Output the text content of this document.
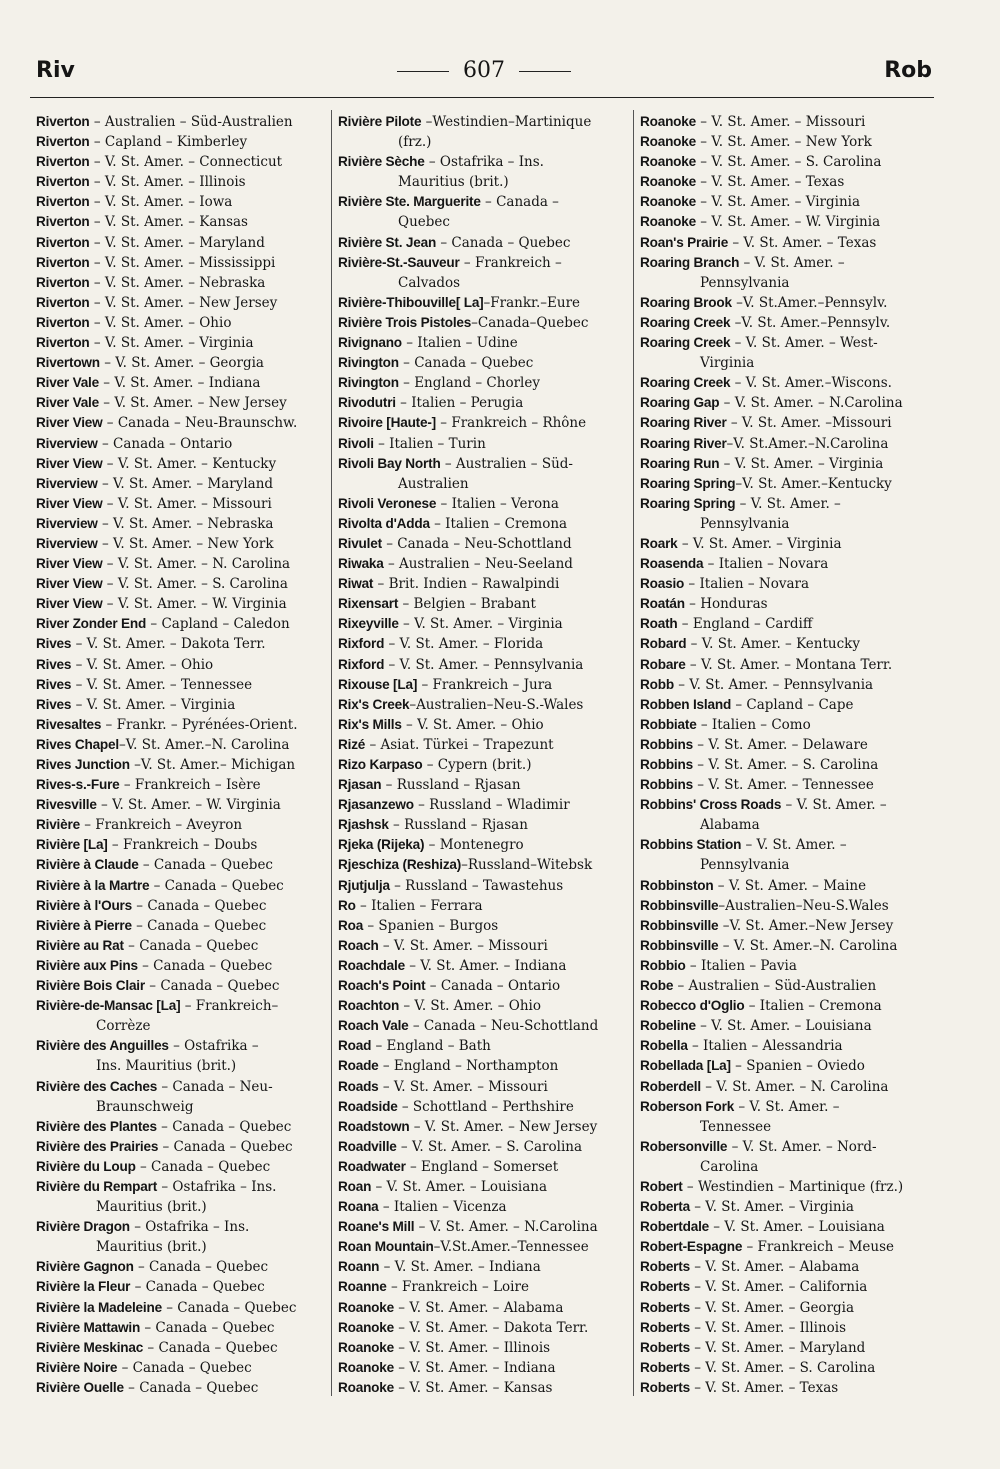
Riv	607	Rob
Riverton – Australien – Süd-Australien
Riverton – Capland – Kimberley
Riverton – V. St. Amer. – Connecticut
Riverton – V. St. Amer. – Illinois
Riverton – V. St. Amer. – Iowa
Riverton – V. St. Amer. – Kansas
Riverton – V. St. Amer. – Maryland
Riverton – V. St. Amer. – Mississippi
Riverton – V. St. Amer. – Nebraska
Riverton – V. St. Amer. – New Jersey
Riverton – V. St. Amer. – Ohio
Riverton – V. St. Amer. – Virginia
Rivertown – V. St. Amer. – Georgia
River Vale – V. St. Amer. – Indiana
River Vale – V. St. Amer. – New Jersey
River View – Canada – Neu-Braunschw.
Riverview – Canada – Ontario
River View – V. St. Amer. – Kentucky
Riverview – V. St. Amer. – Maryland
River View – V. St. Amer. – Missouri
Riverview – V. St. Amer. – Nebraska
Riverview – V. St. Amer. – New York
River View – V. St. Amer. – N. Carolina
River View – V. St. Amer. – S. Carolina
River View – V. St. Amer. – W. Virginia
River Zonder End – Capland – Caledon
Rives – V. St. Amer. – Dakota Terr.
Rives – V. St. Amer. – Ohio
Rives – V. St. Amer. – Tennessee
Rives – V. St. Amer. – Virginia
Rivesaltes – Frankr. – Pyrénées-Orient.
Rives Chapel–V. St. Amer.–N. Carolina
Rives Junction –V. St. Amer.– Michigan
Rives-s.-Fure – Frankreich – Isère
Rivesville – V. St. Amer. – W. Virginia
Rivière – Frankreich – Aveyron
Rivière [La] – Frankreich – Doubs
Rivière à Claude – Canada – Quebec
Rivière à la Martre – Canada – Quebec
Rivière à l'Ours – Canada – Quebec
Rivière à Pierre – Canada – Quebec
Rivière au Rat – Canada – Quebec
Rivière aux Pins – Canada – Quebec
Rivière Bois Clair – Canada – Quebec
Rivière-de-Mansac [La] – Frankreich–
Corrèze
Rivière des Anguilles – Ostafrika –
Ins. Mauritius (brit.)
Rivière des Caches – Canada – Neu-
Braunschweig
Rivière des Plantes – Canada – Quebec
Rivière des Prairies – Canada – Quebec
Rivière du Loup – Canada – Quebec
Rivière du Rempart – Ostafrika – Ins.
Mauritius (brit.)
Rivière Dragon – Ostafrika – Ins.
Mauritius (brit.)
Rivière Gagnon – Canada – Quebec
Rivière la Fleur – Canada – Quebec
Rivière la Madeleine – Canada – Quebec
Rivière Mattawin – Canada – Quebec
Rivière Meskinac – Canada – Quebec
Rivière Noire – Canada – Quebec
Rivière Ouelle – Canada – Quebec
Rivière Pilote –Westindien–Martinique
(frz.)
Rivière Sèche – Ostafrika – Ins.
Mauritius (brit.)
Rivière Ste. Marguerite – Canada –
Quebec
Rivière St. Jean – Canada – Quebec
Rivière-St.-Sauveur – Frankreich –
Calvados
Rivière-Thibouville[ La]–Frankr.–Eure
Rivière Trois Pistoles–Canada–Quebec
Rivignano – Italien – Udine
Rivington – Canada – Quebec
Rivington – England – Chorley
Rivodutri – Italien – Perugia
Rivoire [Haute-] – Frankreich – Rhône
Rivoli – Italien – Turin
Rivoli Bay North – Australien – Süd-
Australien
Rivoli Veronese – Italien – Verona
Rivolta d'Adda – Italien – Cremona
Rivulet – Canada – Neu-Schottland
Riwaka – Australien – Neu-Seeland
Riwat – Brit. Indien – Rawalpindi
Rixensart – Belgien – Brabant
Rixeyville – V. St. Amer. – Virginia
Rixford – V. St. Amer. – Florida
Rixford – V. St. Amer. – Pennsylvania
Rixouse [La] – Frankreich – Jura
Rix's Creek–Australien–Neu-S.-Wales
Rix's Mills – V. St. Amer. – Ohio
Rizé – Asiat. Türkei – Trapezunt
Rizo Karpaso – Cypern (brit.)
Rjasan – Russland – Rjasan
Rjasanzewo – Russland – Wladimir
Rjashsk – Russland – Rjasan
Rjeka (Rijeka) – Montenegro
Rjeschiza (Reshiza)–Russland–Witebsk
Rjutjulja – Russland – Tawastehus
Ro – Italien – Ferrara
Roa – Spanien – Burgos
Roach – V. St. Amer. – Missouri
Roachdale – V. St. Amer. – Indiana
Roach's Point – Canada – Ontario
Roachton – V. St. Amer. – Ohio
Roach Vale – Canada – Neu-Schottland
Road – England – Bath
Roade – England – Northampton
Roads – V. St. Amer. – Missouri
Roadside – Schottland – Perthshire
Roadstown – V. St. Amer. – New Jersey
Roadville – V. St. Amer. – S. Carolina
Roadwater – England – Somerset
Roan – V. St. Amer. – Louisiana
Roana – Italien – Vicenza
Roane's Mill – V. St. Amer. – N.Carolina
Roan Mountain–V.St.Amer.–Tennessee
Roann – V. St. Amer. – Indiana
Roanne – Frankreich – Loire
Roanoke – V. St. Amer. – Alabama
Roanoke – V. St. Amer. – Dakota Terr.
Roanoke – V. St. Amer. – Illinois
Roanoke – V. St. Amer. – Indiana
Roanoke – V. St. Amer. – Kansas
Roanoke – V. St. Amer. – Missouri
Roanoke – V. St. Amer. – New York
Roanoke – V. St. Amer. – S. Carolina
Roanoke – V. St. Amer. – Texas
Roanoke – V. St. Amer. – Virginia
Roanoke – V. St. Amer. – W. Virginia
Roan's Prairie – V. St. Amer. – Texas
Roaring Branch – V. St. Amer. –
Pennsylvania
Roaring Brook –V. St.Amer.–Pennsylv.
Roaring Creek –V. St. Amer.–Pennsylv.
Roaring Creek – V. St. Amer. – West-
Virginia
Roaring Creek – V. St. Amer.–Wiscons.
Roaring Gap – V. St. Amer. – N.Carolina
Roaring River – V. St. Amer. –Missouri
Roaring River–V. St.Amer.–N.Carolina
Roaring Run – V. St. Amer. – Virginia
Roaring Spring–V. St. Amer.–Kentucky
Roaring Spring – V. St. Amer. –
Pennsylvania
Roark – V. St. Amer. – Virginia
Roasenda – Italien – Novara
Roasio – Italien – Novara
Roatán – Honduras
Roath – England – Cardiff
Robard – V. St. Amer. – Kentucky
Robare – V. St. Amer. – Montana Terr.
Robb – V. St. Amer. – Pennsylvania
Robben Island – Capland – Cape
Robbiate – Italien – Como
Robbins – V. St. Amer. – Delaware
Robbins – V. St. Amer. – S. Carolina
Robbins – V. St. Amer. – Tennessee
Robbins' Cross Roads – V. St. Amer. –
Alabama
Robbins Station – V. St. Amer. –
Pennsylvania
Robbinston – V. St. Amer. – Maine
Robbinsville–Australien–Neu-S.Wales
Robbinsville –V. St. Amer.–New Jersey
Robbinsville – V. St. Amer.–N. Carolina
Robbio – Italien – Pavia
Robe – Australien – Süd-Australien
Robecco d'Oglio – Italien – Cremona
Robeline – V. St. Amer. – Louisiana
Robella – Italien – Alessandria
Robellada [La] – Spanien – Oviedo
Roberdell – V. St. Amer. – N. Carolina
Roberson Fork – V. St. Amer. –
Tennessee
Robersonville – V. St. Amer. – Nord-
Carolina
Robert – Westindien – Martinique (frz.)
Roberta – V. St. Amer. – Virginia
Robertdale – V. St. Amer. – Louisiana
Robert-Espagne – Frankreich – Meuse
Roberts – V. St. Amer. – Alabama
Roberts – V. St. Amer. – California
Roberts – V. St. Amer. – Georgia
Roberts – V. St. Amer. – Illinois
Roberts – V. St. Amer. – Maryland
Roberts – V. St. Amer. – S. Carolina
Roberts – V. St. Amer. – Texas
